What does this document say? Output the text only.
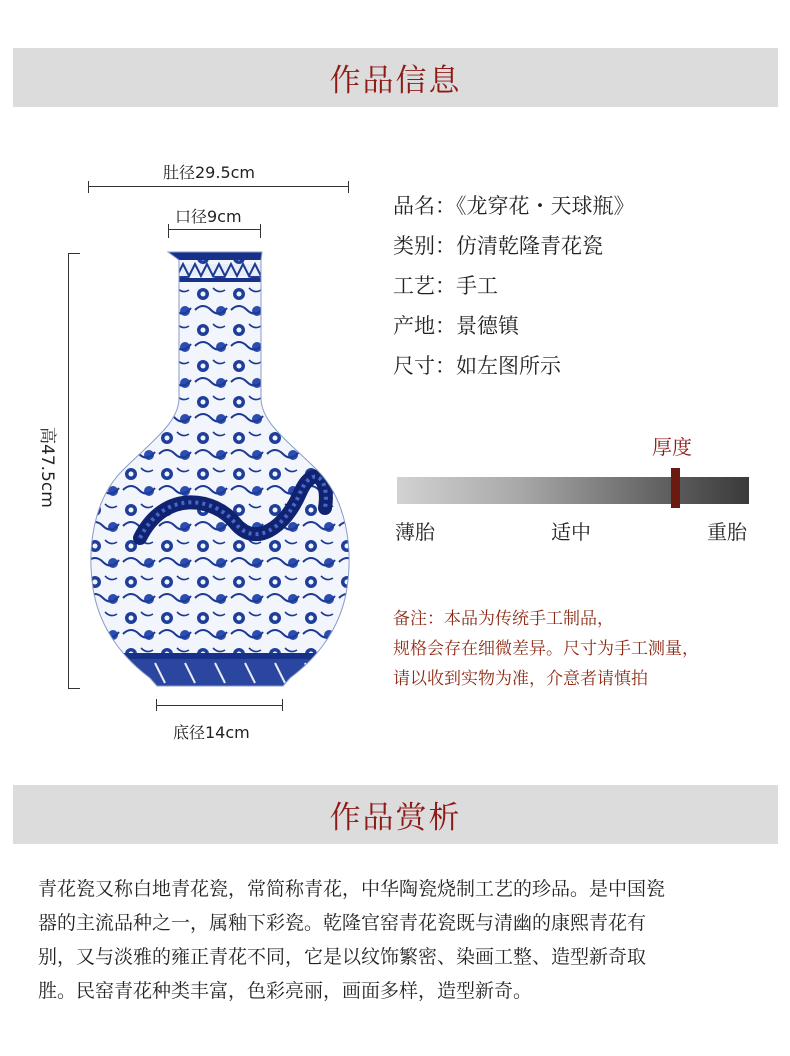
作品信息
肚径29.5cm
口径9cm
高47.5cm
底径14cm
品名：《龙穿花・天球瓶》
类别：仿清乾隆青花瓷
工艺：手工
产地：景德镇
尺寸：如左图所示
厚度
薄胎	适中	重胎
备注：本品为传统手工制品，
规格会存在细微差异。尺寸为手工测量，
请以收到实物为准，介意者请慎拍
作品赏析
青花瓷又称白地青花瓷，常简称青花，中华陶瓷烧制工艺的珍品。是中国瓷
器的主流品种之一，属釉下彩瓷。乾隆官窑青花瓷既与清幽的康熙青花有
别，又与淡雅的雍正青花不同，它是以纹饰繁密、染画工整、造型新奇取
胜。民窑青花种类丰富，色彩亮丽，画面多样，造型新奇。
